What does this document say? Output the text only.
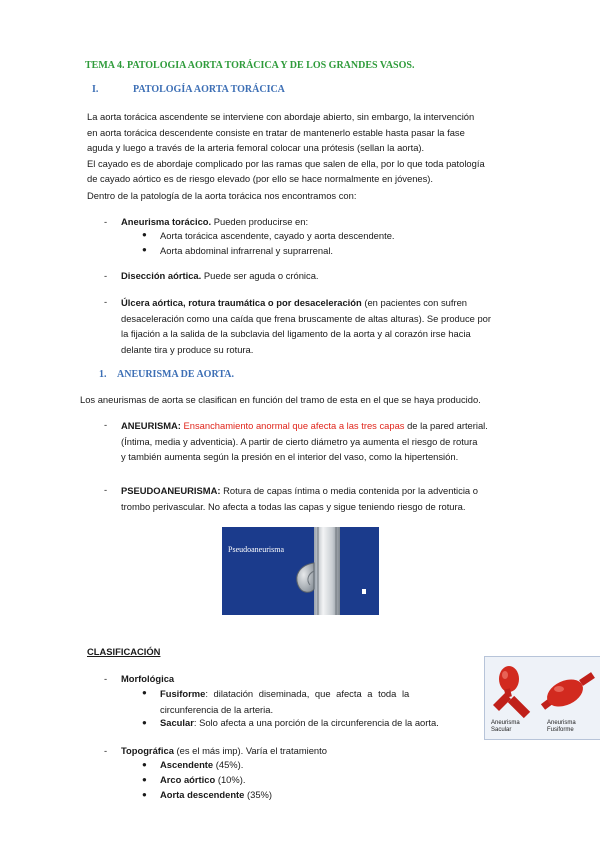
TEMA 4. PATOLOGIA AORTA TORÁCICA Y DE LOS GRANDES VASOS.
I.	PATOLOGÍA AORTA TORÁCICA
La aorta torácica ascendente se interviene con abordaje abierto, sin embargo, la intervención
en aorta torácica descendente consiste en tratar de mantenerlo estable hasta pasar la fase
aguda y luego a través de la arteria femoral colocar una prótesis (sellan la aorta).
El cayado es de abordaje complicado por las ramas que salen de ella, por lo que toda patología
de cayado aórtico es de riesgo elevado (por ello se hace normalmente en jóvenes).
Dentro de la patología de la aorta torácica nos encontramos con:
- Aneurisma torácico. Pueden producirse en:
● Aorta torácica ascendente, cayado y aorta descendente.
● Aorta abdominal infrarrenal y suprarrenal.
- Disección aórtica. Puede ser aguda o crónica.
- Úlcera aórtica, rotura traumática o por desaceleración (en pacientes con sufren
desaceleración como una caída que frena bruscamente de altas alturas). Se produce por
la fijación a la salida de la subclavia del ligamento de la aorta y al corazón irse hacia
delante tira y produce su rotura.
1. ANEURISMA DE AORTA.
Los aneurismas de aorta se clasifican en función del tramo de esta en el que se haya producido.
- ANEURISMA: Ensanchamiento anormal que afecta a las tres capas de la pared arterial.
(Íntima, media y adventicia). A partir de cierto diámetro ya aumenta el riesgo de rotura
y también aumenta según la presión en el interior del vaso, como la hipertensión.
- PSEUDOANEURISMA: Rotura de capas íntima o media contenida por la adventicia o
trombo perivascular. No afecta a todas las capas y sigue teniendo riesgo de rotura.
Pseudoaneurisma
CLASIFICACIÓN
- Morfológica
● Fusiforme: dilatación diseminada, que afecta a toda la
circunferencia de la arteria.
● Sacular: Solo afecta a una porción de la circunferencia de la aorta.	Aneurisma
Sacular
Aneurisma
Fusiforme
- Topográfica (es el más imp). Varía el tratamiento
● Ascendente (45%).
● Arco aórtico (10%).
● Aorta descendente (35%)
